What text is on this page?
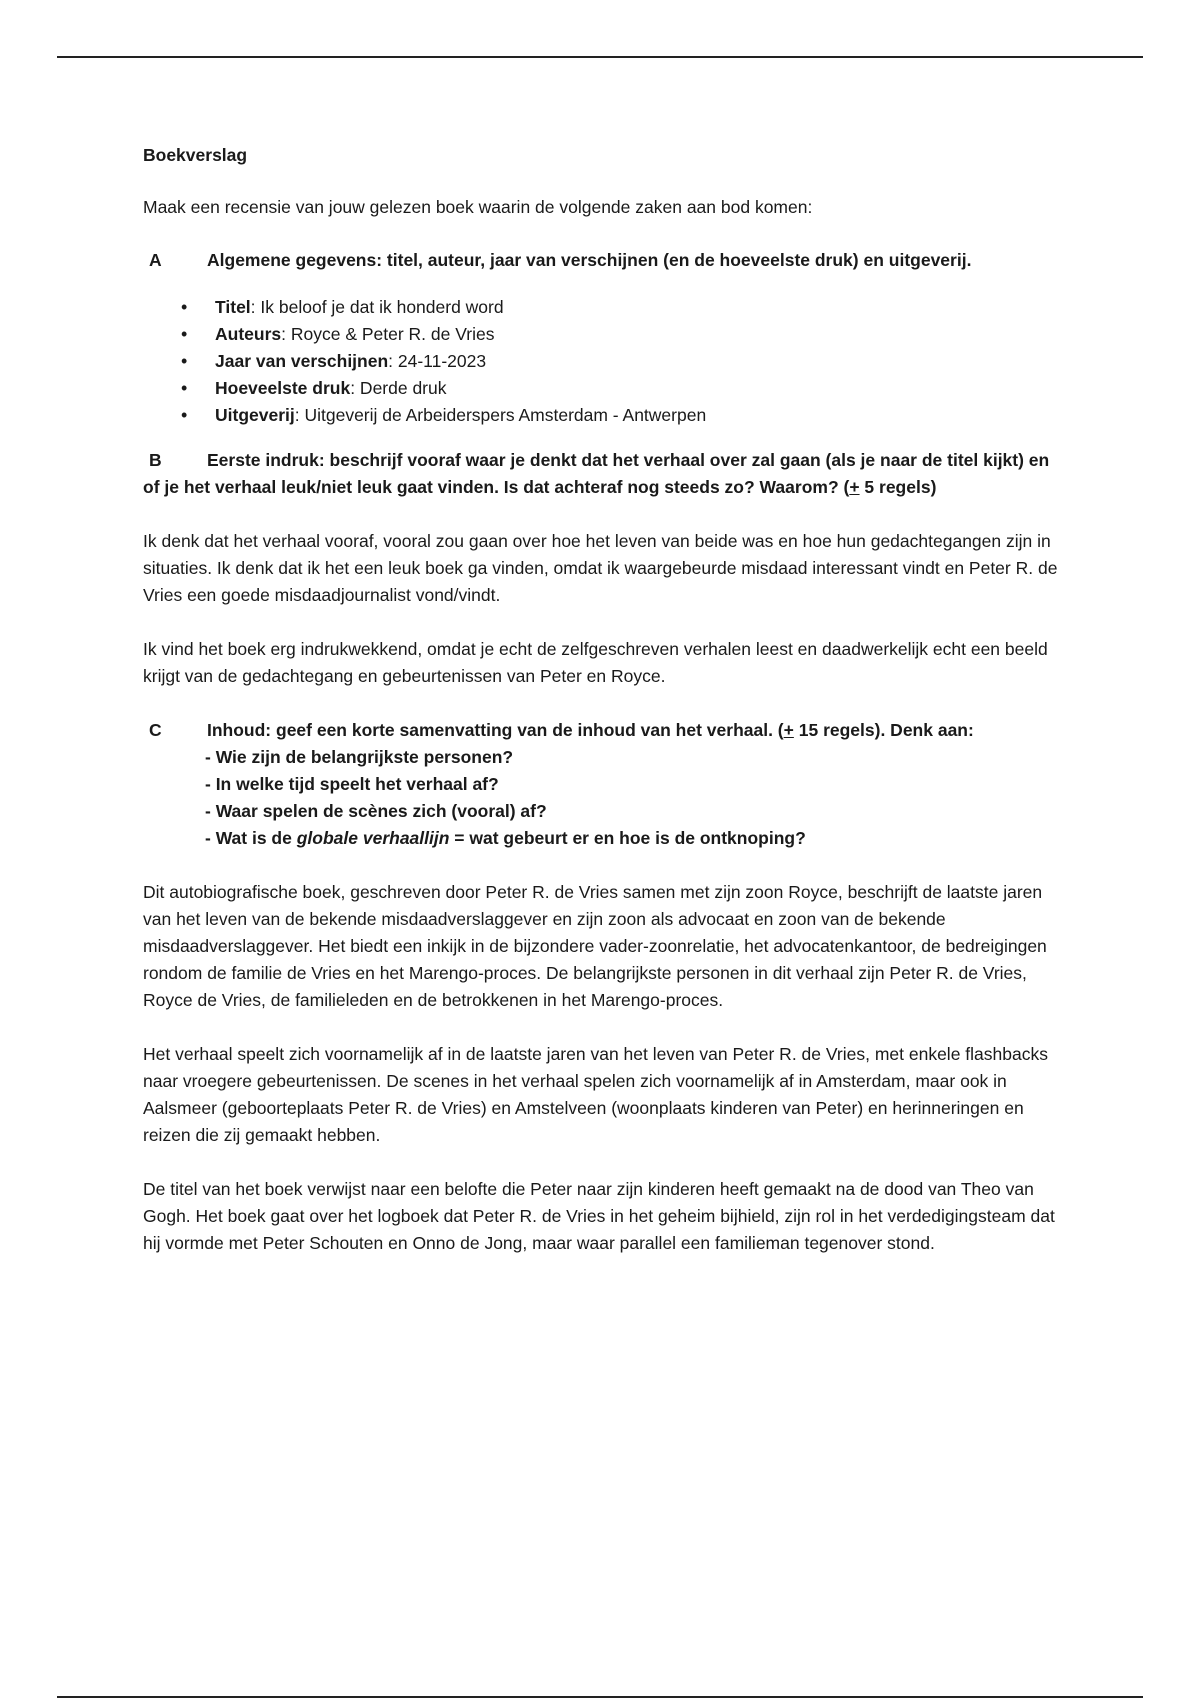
Boekverslag

Maak een recensie van jouw gelezen boek waarin de volgende zaken aan bod komen:

A	Algemene gegevens: titel, auteur, jaar van verschijnen (en de hoeveelste druk) en uitgeverij.
• Titel: Ik beloof je dat ik honderd word
• Auteurs: Royce & Peter R. de Vries
• Jaar van verschijnen: 24-11-2023
• Hoeveelste druk: Derde druk
• Uitgeverij: Uitgeverij de Arbeiderspers Amsterdam - Antwerpen

B	Eerste indruk: beschrijf vooraf waar je denkt dat het verhaal over zal gaan (als je naar de titel kijkt) en of je het verhaal leuk/niet leuk gaat vinden. Is dat achteraf nog steeds zo? Waarom? (+ 5 regels)

Ik denk dat het verhaal vooraf, vooral zou gaan over hoe het leven van beide was en hoe hun gedachtegangen zijn in situaties. Ik denk dat ik het een leuk boek ga vinden, omdat ik waargebeurde misdaad interessant vindt en Peter R. de Vries een goede misdaadjournalist vond/vindt.

Ik vind het boek erg indrukwekkend, omdat je echt de zelfgeschreven verhalen leest en daadwerkelijk echt een beeld krijgt van de gedachtegang en gebeurtenissen van Peter en Royce.

C	Inhoud: geef een korte samenvatting van de inhoud van het verhaal. (+ 15 regels). Denk aan:
- Wie zijn de belangrijkste personen?
- In welke tijd speelt het verhaal af?
- Waar spelen de scènes zich (vooral) af?
- Wat is de globale verhaallijn = wat gebeurt er en hoe is de ontknoping?

Dit autobiografische boek, geschreven door Peter R. de Vries samen met zijn zoon Royce, beschrijft de laatste jaren van het leven van de bekende misdaadverslaggever en zijn zoon als advocaat en zoon van de bekende misdaadverslaggever. Het biedt een inkijk in de bijzondere vader-zoonrelatie, het advocatenkantoor, de bedreigingen rondom de familie de Vries en het Marengo-proces. De belangrijkste personen in dit verhaal zijn Peter R. de Vries, Royce de Vries, de familieleden en de betrokkenen in het Marengo-proces.

Het verhaal speelt zich voornamelijk af in de laatste jaren van het leven van Peter R. de Vries, met enkele flashbacks naar vroegere gebeurtenissen. De scenes in het verhaal spelen zich voornamelijk af in Amsterdam, maar ook in Aalsmeer (geboorteplaats Peter R. de Vries) en Amstelveen (woonplaats kinderen van Peter) en herinneringen en reizen die zij gemaakt hebben.

De titel van het boek verwijst naar een belofte die Peter naar zijn kinderen heeft gemaakt na de dood van Theo van Gogh. Het boek gaat over het logboek dat Peter R. de Vries in het geheim bijhield, zijn rol in het verdedigingsteam dat hij vormde met Peter Schouten en Onno de Jong, maar waar parallel een familieman tegenover stond.
